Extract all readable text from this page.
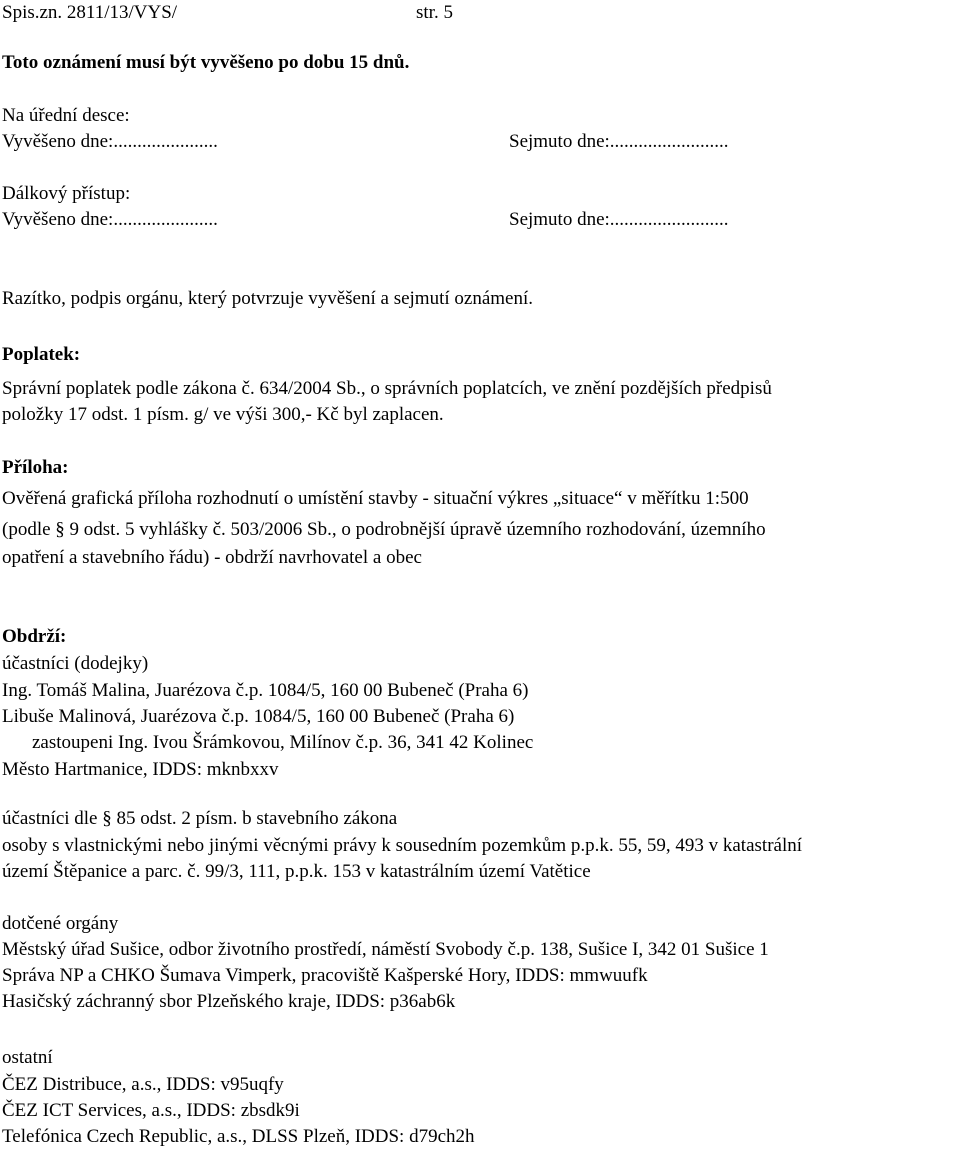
Spis.zn. 2811/13/VYS/	str. 5
Toto oznámení musí být vyvěšeno po dobu 15 dnů.
Na úřední desce:
Vyvěšeno dne:......................	Sejmuto dne:.........................
Dálkový přístup:
Vyvěšeno dne:......................	Sejmuto dne:.........................
Razítko, podpis orgánu, který potvrzuje vyvěšení a sejmutí oznámení.
Poplatek:
Správní poplatek podle zákona č. 634/2004 Sb., o správních poplatcích, ve znění pozdějších předpisů
položky 17 odst. 1 písm. g/ ve výši 300,- Kč byl zaplacen.
Příloha:
Ověřená grafická příloha rozhodnutí o umístění stavby - situační výkres „situace“ v měřítku 1:500
(podle § 9 odst. 5 vyhlášky č. 503/2006 Sb., o podrobnější úpravě územního rozhodování, územního
opatření a stavebního řádu) - obdrží navrhovatel a obec
Obdrží:
účastníci (dodejky)
Ing. Tomáš Malina, Juarézova č.p. 1084/5, 160 00 Bubeneč (Praha 6)
Libuše Malinová, Juarézova č.p. 1084/5, 160 00 Bubeneč (Praha 6)
zastoupeni Ing. Ivou Šrámkovou, Milínov č.p. 36, 341 42 Kolinec
Město Hartmanice, IDDS: mknbxxv
účastníci dle § 85 odst. 2 písm. b stavebního zákona
osoby s vlastnickými nebo jinými věcnými právy k sousedním pozemkům p.p.k. 55, 59, 493 v katastrální
území Štěpanice a parc. č. 99/3, 111, p.p.k. 153 v katastrálním území Vatětice
dotčené orgány
Městský úřad Sušice, odbor životního prostředí, náměstí Svobody č.p. 138, Sušice I, 342 01 Sušice 1
Správa NP a CHKO Šumava Vimperk, pracoviště Kašperské Hory, IDDS: mmwuufk
Hasičský záchranný sbor Plzeňského kraje, IDDS: p36ab6k
ostatní
ČEZ Distribuce, a.s., IDDS: v95uqfy
ČEZ ICT Services, a.s., IDDS: zbsdk9i
Telefónica Czech Republic, a.s., DLSS Plzeň, IDDS: d79ch2h
